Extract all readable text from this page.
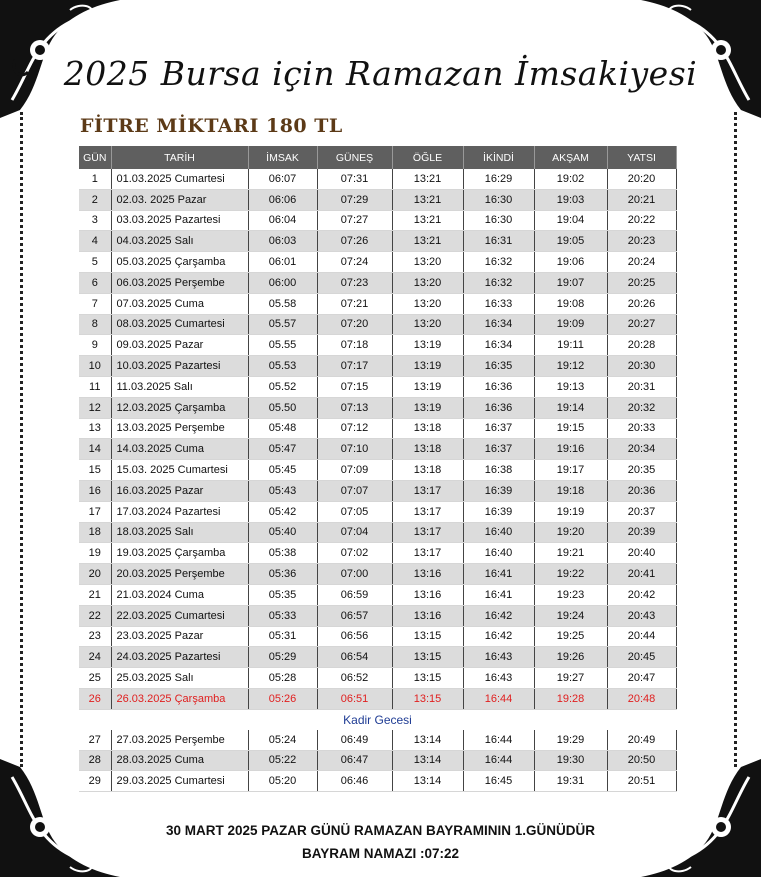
2025 Bursa için Ramazan İmsakiyesi
FİTRE MİKTARI 180 TL
GÜN	TARİH	İMSAK	GÜNEŞ	ÖĞLE	İKİNDİ	AKŞAM	YATSI
1	01.03.2025 Cumartesi	06:07	07:31	13:21	16:29	19:02	20:20
2	02.03. 2025 Pazar	06:06	07:29	13:21	16:30	19:03	20:21
3	03.03.2025 Pazartesi	06:04	07:27	13:21	16:30	19:04	20:22
4	04.03.2025 Salı	06:03	07:26	13:21	16:31	19:05	20:23
5	05.03.2025 Çarşamba	06:01	07:24	13:20	16:32	19:06	20:24
6	06.03.2025 Perşembe	06:00	07:23	13:20	16:32	19:07	20:25
7	07.03.2025 Cuma	05.58	07:21	13:20	16:33	19:08	20:26
8	08.03.2025 Cumartesi	05.57	07:20	13:20	16:34	19:09	20:27
9	09.03.2025 Pazar	05.55	07:18	13:19	16:34	19:11	20:28
10	10.03.2025 Pazartesi	05.53	07:17	13:19	16:35	19:12	20:30
11	11.03.2025 Salı	05.52	07:15	13:19	16:36	19:13	20:31
12	12.03.2025 Çarşamba	05.50	07:13	13:19	16:36	19:14	20:32
13	13.03.2025 Perşembe	05:48	07:12	13:18	16:37	19:15	20:33
14	14.03.2025 Cuma	05:47	07:10	13:18	16:37	19:16	20:34
15	15.03. 2025 Cumartesi	05:45	07:09	13:18	16:38	19:17	20:35
16	16.03.2025 Pazar	05:43	07:07	13:17	16:39	19:18	20:36
17	17.03.2024 Pazartesi	05:42	07:05	13:17	16:39	19:19	20:37
18	18.03.2025 Salı	05:40	07:04	13:17	16:40	19:20	20:39
19	19.03.2025 Çarşamba	05:38	07:02	13:17	16:40	19:21	20:40
20	20.03.2025 Perşembe	05:36	07:00	13:16	16:41	19:22	20:41
21	21.03.2024 Cuma	05:35	06:59	13:16	16:41	19:23	20:42
22	22.03.2025 Cumartesi	05:33	06:57	13:16	16:42	19:24	20:43
23	23.03.2025 Pazar	05:31	06:56	13:15	16:42	19:25	20:44
24	24.03.2025 Pazartesi	05:29	06:54	13:15	16:43	19:26	20:45
25	25.03.2025 Salı	05:28	06:52	13:15	16:43	19:27	20:47
26	26.03.2025 Çarşamba	05:26	06:51	13:15	16:44	19:28	20:48
Kadir Gecesi							
27	27.03.2025 Perşembe	05:24	06:49	13:14	16:44	19:29	20:49
28	28.03.2025 Cuma	05:22	06:47	13:14	16:44	19:30	20:50
29	29.03.2025 Cumartesi	05:20	06:46	13:14	16:45	19:31	20:51
30 MART 2025 PAZAR GÜNÜ RAMAZAN BAYRAMININ 1.GÜNÜDÜR
BAYRAM NAMAZI :07:22
